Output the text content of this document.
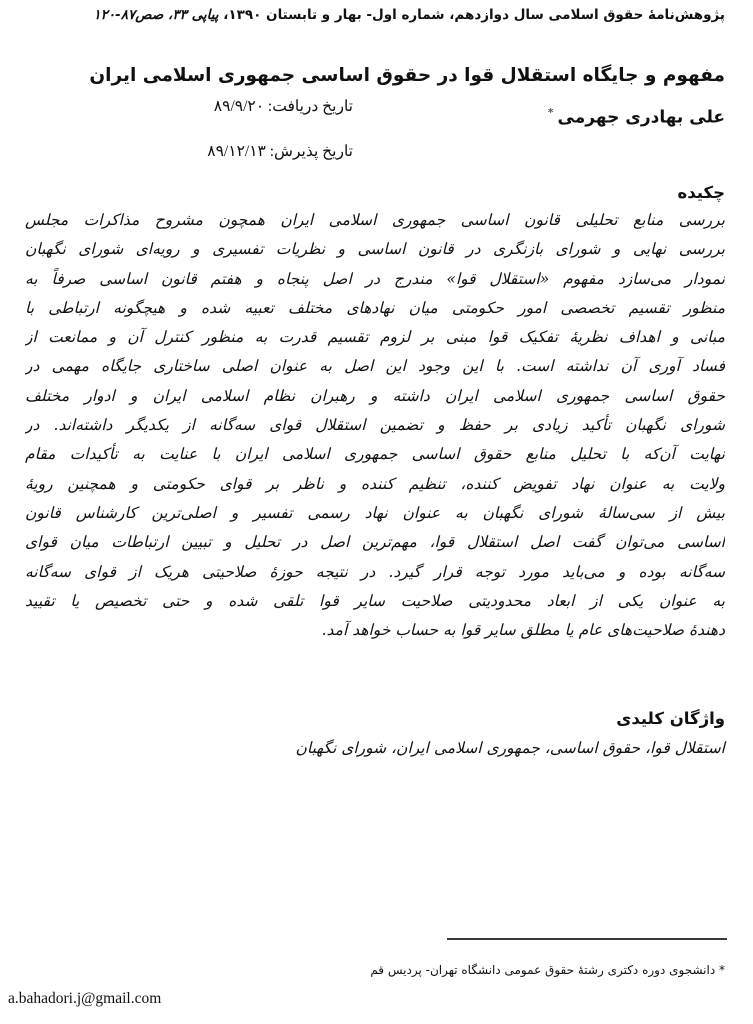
پژوهش‌نامهٔ حقوق اسلامی سال دوازدهم، شماره اول- بهار و تابستان ۱۳۹۰، پیاپی ۳۳، صص۸۷-۱۲۰
مفهوم و جایگاه استقلال قوا در حقوق اساسی جمهوری اسلامی ایران
علی بهادری جهرمی*
تاریخ دریافت: ۸۹/۹/۲۰
تاریخ پذیرش: ۸۹/۱۲/۱۳
چکیده
بررسی منابع تحلیلی قانون اساسی جمهوری اسلامی ایران همچون مشروح مذاکرات مجلس
بررسی نهایی و شورای بازنگری در قانون اساسی و نظریات تفسیری و رویه‌ای شورای نگهبان
نمودار می‌سازد مفهوم «استقلال قوا» مندرج در اصل پنجاه و هفتم قانون اساسی صرفاً به
منظور تقسیم تخصصی امور حکومتی میان نهادهای مختلف تعبیه شده و هیچگونه ارتباطی با
مبانی و اهداف نظریهٔ تفکیک قوا مبنی بر لزوم تقسیم قدرت به منظور کنترل آن و ممانعت از
فساد آوری آن نداشته است. با این وجود این اصل به عنوان اصلی ساختاری جایگاه مهمی در
حقوق اساسی جمهوری اسلامی ایران داشته و رهبران نظام اسلامی ایران و ادوار مختلف
شورای نگهبان تأکید زیادی بر حفظ و تضمین استقلال قوای سه‌گانه از یکدیگر داشته‌اند. در
نهایت آن‌که با تحلیل منابع حقوق اساسی جمهوری اسلامی ایران با عنایت به تأکیدات مقام
ولایت به عنوان نهاد تفویض کننده، تنظیم کننده و ناظر بر قوای حکومتی و همچنین رویهٔ
بیش از سی‌سالهٔ شورای نگهبان به عنوان نهاد رسمی تفسیر و اصلی‌ترین کارشناس قانون
اساسی می‌توان گفت اصل استقلال قوا، مهم‌ترین اصل در تحلیل و تبیین ارتباطات میان قوای
سه‌گانه بوده و می‌باید مورد توجه قرار گیرد. در نتیجه حوزهٔ صلاحیتی هریک از قوای سه‌گانه
به عنوان یکی از ابعاد محدودیتی صلاحیت سایر قوا تلقی شده و حتی تخصیص یا تقیید
دهندهٔ صلاحیت‌های عام یا مطلق سایر قوا به حساب خواهد آمد.
واژگان کلیدی
استقلال قوا، حقوق اساسی، جمهوری اسلامی ایران، شورای نگهبان
* دانشجوی دوره دکتری رشتهٔ حقوق عمومی دانشگاه تهران- پردیس قم
a.bahadori.j@gmail.com
